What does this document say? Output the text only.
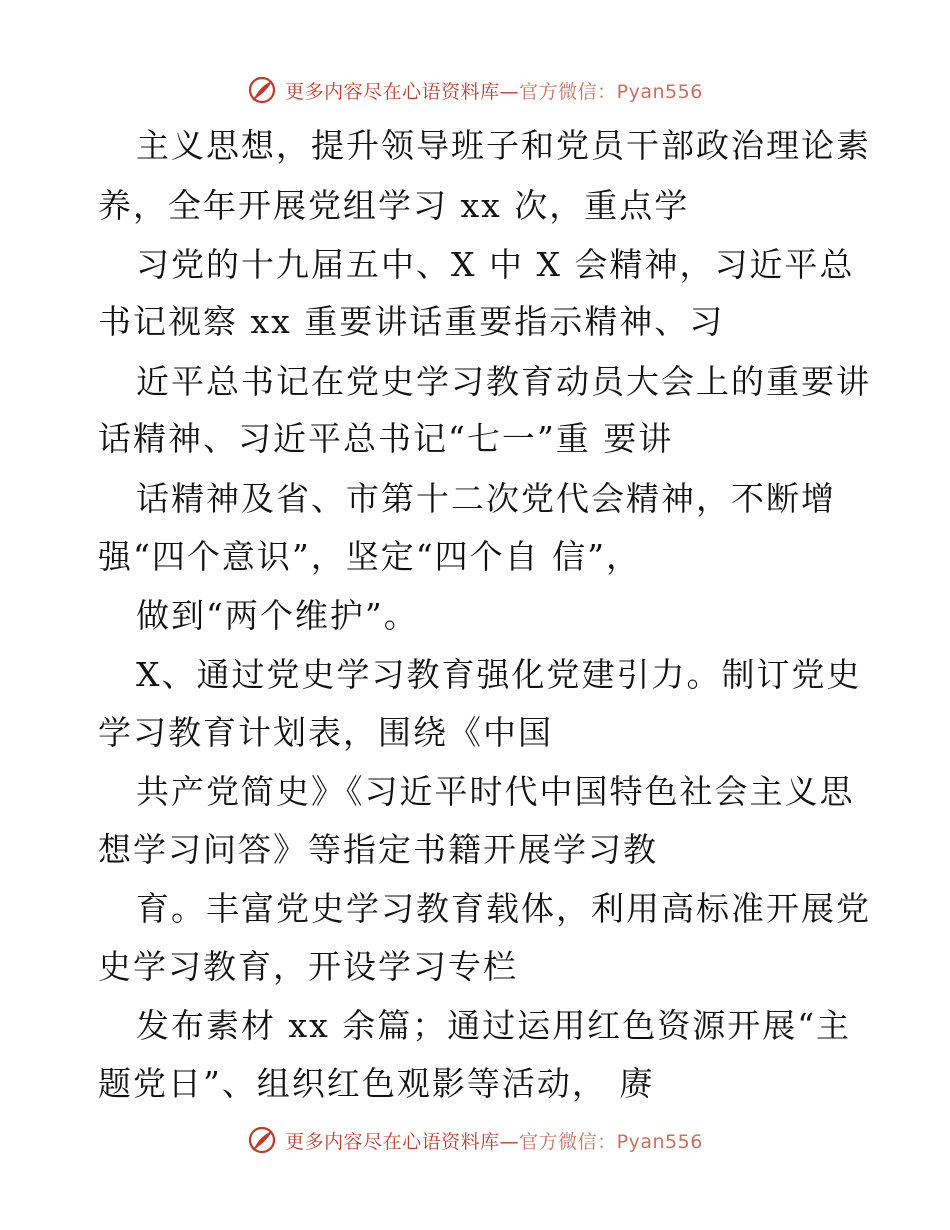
更多内容尽在心语资料库—官方微信：Pyan556
主义思想，提升领导班子和党员干部政治理论素
养，全年开展党组学习 xx 次，重点学
习党的十九届五中、X 中 X 会精神，习近平总
书记视察 xx 重要讲话重要指示精神、习
近平总书记在党史学习教育动员大会上的重要讲
话精神、习近平总书记“七一”重 要讲
话精神及省、市第十二次党代会精神，不断增
强“四个意识”，坚定“四个自 信”，
做到“两个维护”。
X、通过党史学习教育强化党建引力。制订党史
学习教育计划表，围绕《中国
共产党简史》《习近平时代中国特色社会主义思
想学习问答》等指定书籍开展学习教
育。丰富党史学习教育载体，利用高标准开展党
史学习教育，开设学习专栏
发布素材 xx 余篇；通过运用红色资源开展“主
题党日”、组织红色观影等活动， 赓
更多内容尽在心语资料库—官方微信：Pyan556
